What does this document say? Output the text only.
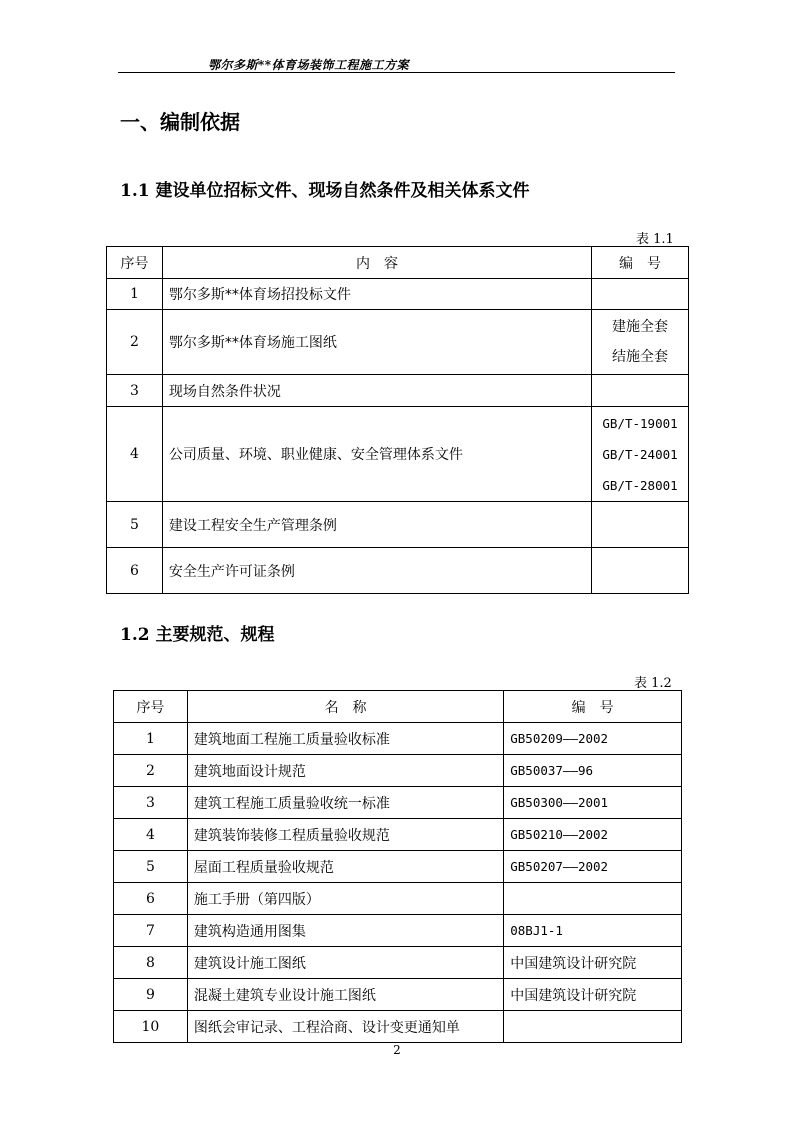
鄂尔多斯**体育场装饰工程施工方案
一、编制依据
1.1 建设单位招标文件、现场自然条件及相关体系文件
表 1.1
序号	内　容	编　号
1	鄂尔多斯**体育场招投标文件	
2	鄂尔多斯**体育场施工图纸	建施全套
结施全套

3	现场自然条件状况	
4	公司质量、环境、职业健康、安全管理体系文件	GB/T-19001
GB/T-24001
GB/T-28001

5	建设工程安全生产管理条例	
6	安全生产许可证条例	
1.2 主要规范、规程
表 1.2
序号	名　称	编　号
1	建筑地面工程施工质量验收标准	GB50209——2002
2	建筑地面设计规范	GB50037——96
3	建筑工程施工质量验收统一标准	GB50300——2001
4	建筑装饰装修工程质量验收规范	GB50210——2002
5	屋面工程质量验收规范	GB50207——2002
6	施工手册（第四版）	
7	建筑构造通用图集	08BJ1-1
8	建筑设计施工图纸	中国建筑设计研究院
9	混凝土建筑专业设计施工图纸	中国建筑设计研究院
10	图纸会审记录、工程洽商、设计变更通知单	
2
